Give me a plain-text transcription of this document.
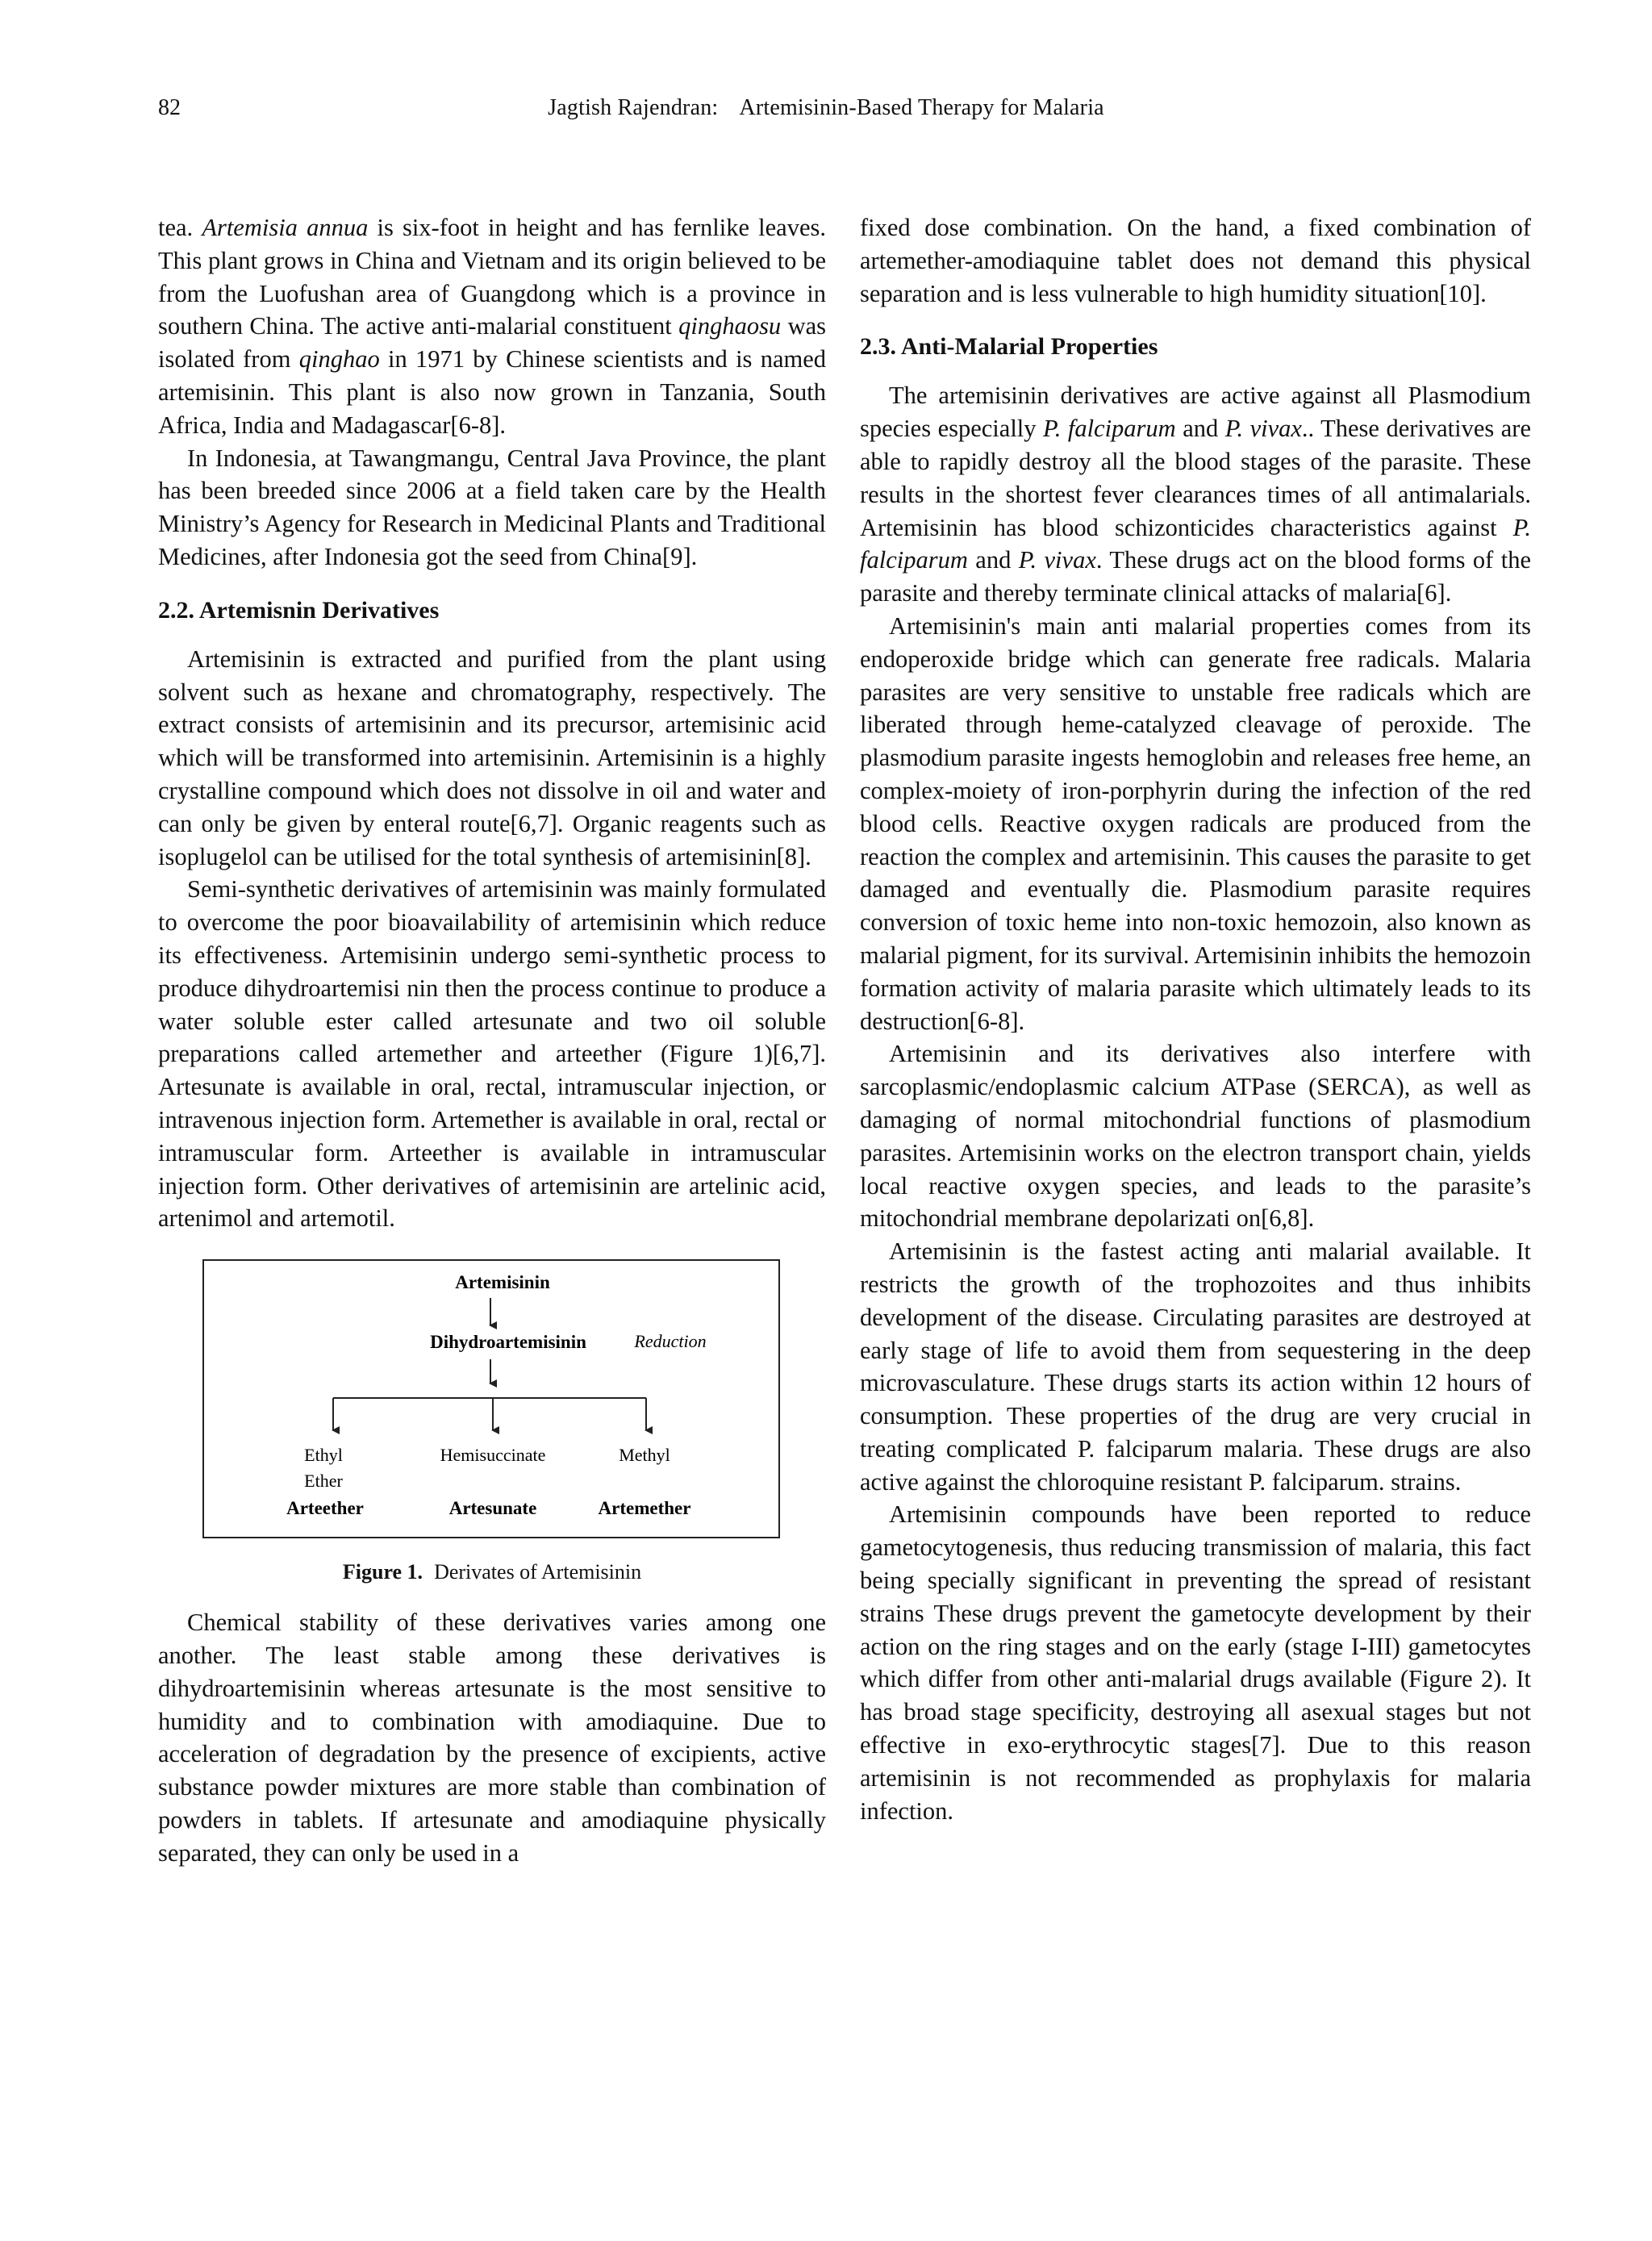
82	Jagtish Rajendran: Artemisinin-Based Therapy for Malaria

tea. Artemisia annua is six-foot in height and has fernlike leaves. This plant grows in China and Vietnam and its origin believed to be from the Luofushan area of Guangdong which is a province in southern China. The active anti-malarial constituent qinghaosu was isolated from qinghao in 1971 by Chinese scientists and is named artemisinin. This plant is also now grown in Tanzania, South Africa, India and Madagascar[6-8].

In Indonesia, at Tawangmangu, Central Java Province, the plant has been breeded since 2006 at a field taken care by the Health Ministry’s Agency for Research in Medicinal Plants and Traditional Medicines, after Indonesia got the seed from China[9].

2.2. Artemisnin Derivatives

Artemisinin is extracted and purified from the plant using solvent such as hexane and chromatography, respectively. The extract consists of artemisinin and its precursor, artemisinic acid which will be transformed into artemisinin. Artemisinin is a highly crystalline compound which does not dissolve in oil and water and can only be given by enteral route[6,7]. Organic reagents such as isoplugelol can be utilised for the total synthesis of artemisinin[8].

Semi-synthetic derivatives of artemisinin was mainly formulated to overcome the poor bioavailability of artemisinin which reduce its effectiveness. Artemisinin undergo semi-synthetic process to produce dihydroartemisi nin then the process continue to produce a water soluble ester called artesunate and two oil soluble preparations called artemether and arteether (Figure 1)[6,7]. Artesunate is available in oral, rectal, intramuscular injection, or intravenous injection form. Artemether is available in oral, rectal or intramuscular form. Arteether is available in intramuscular injection form. Other derivatives of artemisinin are artelinic acid, artenimol and artemotil.

Artemisinin
Dihydroartemisinin	Reduction
Ethyl
Ether
Arteether
Hemisuccinate
Artesunate
Methyl
Artemether
Figure 1. Derivates of Artemisinin

Chemical stability of these derivatives varies among one another. The least stable among these derivatives is dihydroartemisinin whereas artesunate is the most sensitive to humidity and to combination with amodiaquine. Due to acceleration of degradation by the presence of excipients, active substance powder mixtures are more stable than combination of powders in tablets. If artesunate and amodiaquine physically separated, they can only be used in a

fixed dose combination. On the hand, a fixed combination of artemether-amodiaquine tablet does not demand this physical separation and is less vulnerable to high humidity situation[10].

2.3. Anti-Malarial Properties

The artemisinin derivatives are active against all Plasmodium species especially P. falciparum and P. vivax.. These derivatives are able to rapidly destroy all the blood stages of the parasite. These results in the shortest fever clearances times of all antimalarials. Artemisinin has blood schizonticides characteristics against P. falciparum and P. vivax. These drugs act on the blood forms of the parasite and thereby terminate clinical attacks of malaria[6].

Artemisinin's main anti malarial properties comes from its endoperoxide bridge which can generate free radicals. Malaria parasites are very sensitive to unstable free radicals which are liberated through heme-catalyzed cleavage of peroxide. The plasmodium parasite ingests hemoglobin and releases free heme, an complex-moiety of iron-porphyrin during the infection of the red blood cells. Reactive oxygen radicals are produced from the reaction the complex and artemisinin. This causes the parasite to get damaged and eventually die. Plasmodium parasite requires conversion of toxic heme into non-toxic hemozoin, also known as malarial pigment, for its survival. Artemisinin inhibits the hemozoin formation activity of malaria parasite which ultimately leads to its destruction[6-8].

Artemisinin and its derivatives also interfere with sarcoplasmic/endoplasmic calcium ATPase (SERCA), as well as damaging of normal mitochondrial functions of plasmodium parasites. Artemisinin works on the electron transport chain, yields local reactive oxygen species, and leads to the parasite’s mitochondrial membrane depolarizati on[6,8].

Artemisinin is the fastest acting anti malarial available. It restricts the growth of the trophozoites and thus inhibits development of the disease. Circulating parasites are destroyed at early stage of life to avoid them from sequestering in the deep microvasculature. These drugs starts its action within 12 hours of consumption. These properties of the drug are very crucial in treating complicated P. falciparum malaria. These drugs are also active against the chloroquine resistant P. falciparum. strains.

Artemisinin compounds have been reported to reduce gametocytogenesis, thus reducing transmission of malaria, this fact being specially significant in preventing the spread of resistant strains These drugs prevent the gametocyte development by their action on the ring stages and on the early (stage I-III) gametocytes which differ from other anti-malarial drugs available (Figure 2). It has broad stage specificity, destroying all asexual stages but not effective in exo-erythrocytic stages[7]. Due to this reason artemisinin is not recommended as prophylaxis for malaria infection.
